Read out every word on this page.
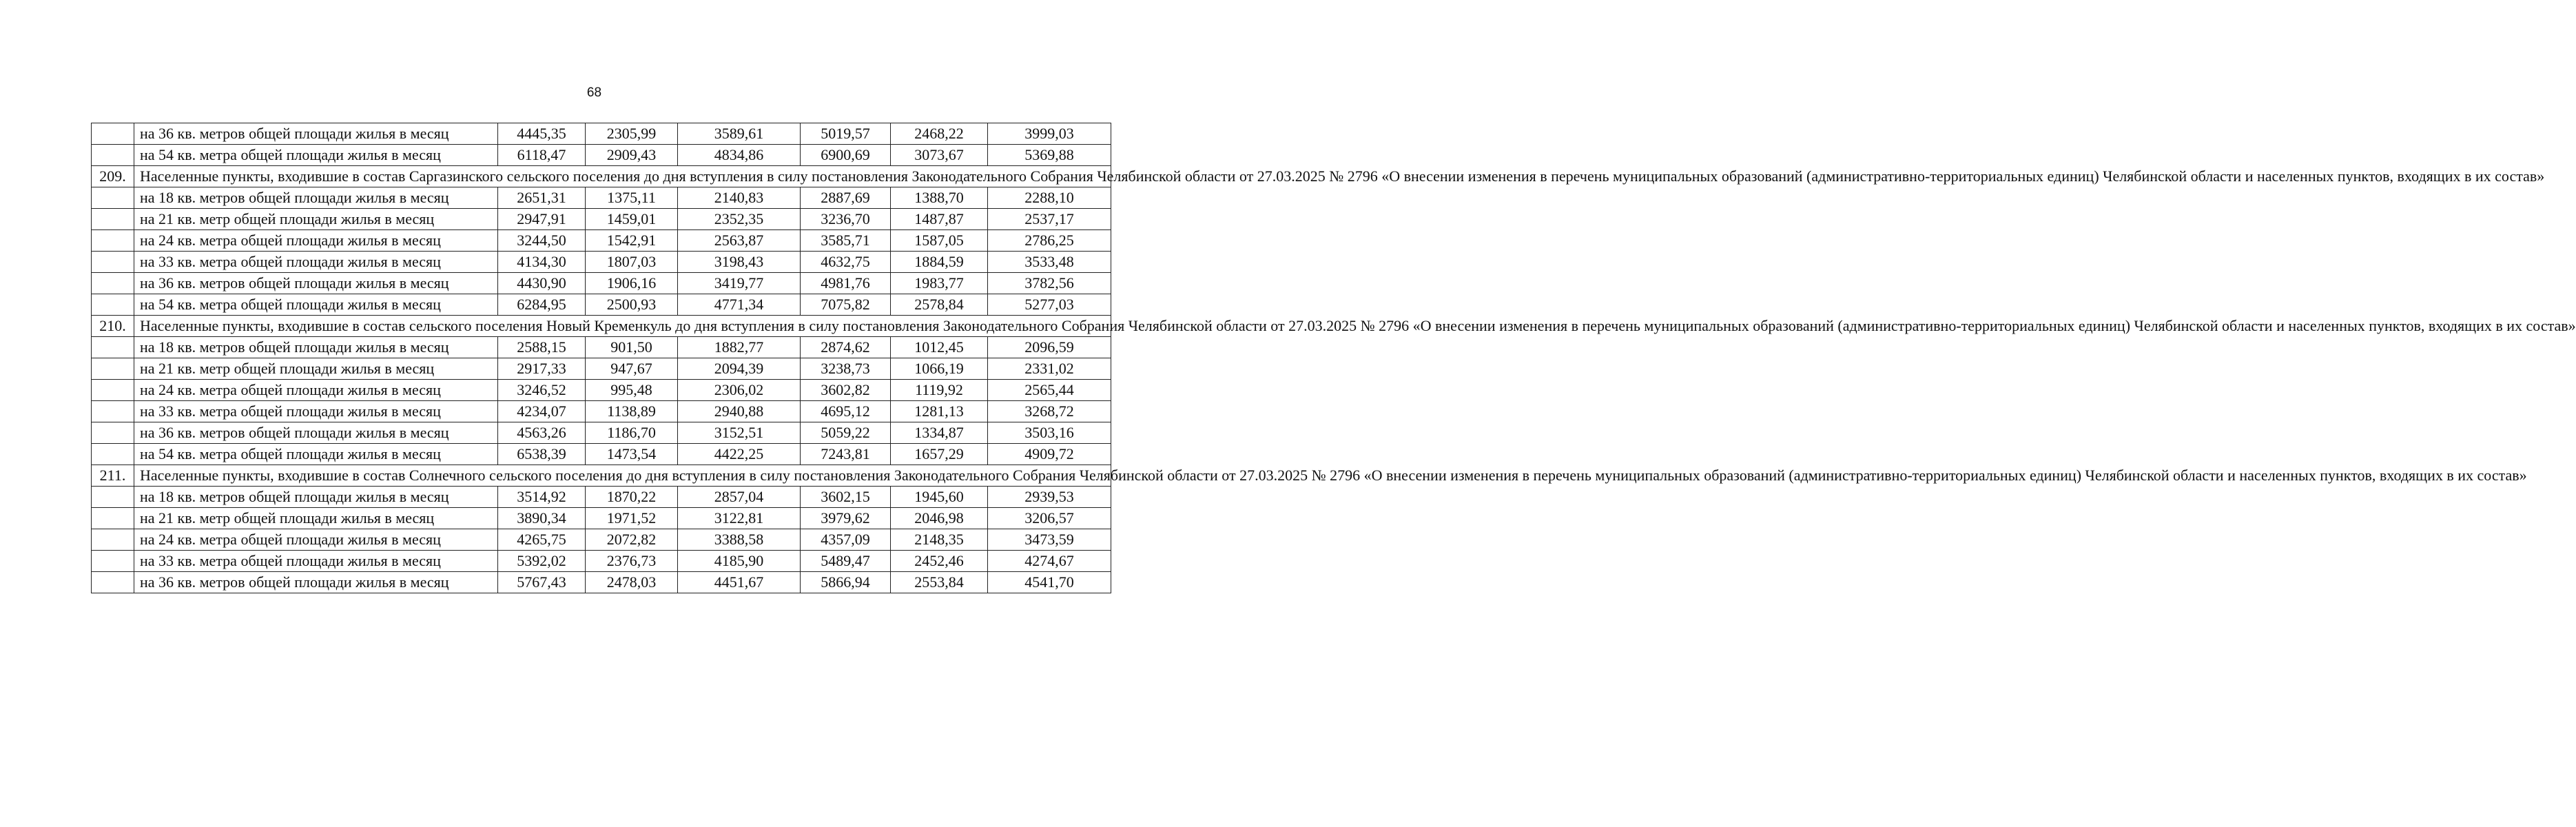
68
	на 36 кв. метров общей площади жилья в месяц	4445,35	2305,99	3589,61	5019,57	2468,22	3999,03
	на 54 кв. метра общей площади жилья в месяц	6118,47	2909,43	4834,86	6900,69	3073,67	5369,88
209.	Населенные пункты, входившие в состав Саргазинского сельского поселения до дня вступления в силу постановления Законодательного Собрания Челябинской области от 27.03.2025 № 2796 «О внесении изменения в перечень муниципальных образований (административно-территориальных единиц) Челябинской области и населенных пунктов, входящих в их состав»						
	на 18 кв. метров общей площади жилья в месяц	2651,31	1375,11	2140,83	2887,69	1388,70	2288,10
	на 21 кв. метр общей площади жилья в месяц	2947,91	1459,01	2352,35	3236,70	1487,87	2537,17
	на 24 кв. метра общей площади жилья в месяц	3244,50	1542,91	2563,87	3585,71	1587,05	2786,25
	на 33 кв. метра общей площади жилья в месяц	4134,30	1807,03	3198,43	4632,75	1884,59	3533,48
	на 36 кв. метров общей площади жилья в месяц	4430,90	1906,16	3419,77	4981,76	1983,77	3782,56
	на 54 кв. метра общей площади жилья в месяц	6284,95	2500,93	4771,34	7075,82	2578,84	5277,03
210.	Населенные пункты, входившие в состав сельского поселения Новый Кременкуль до дня вступления в силу постановления Законодательного Собрания Челябинской области от 27.03.2025 № 2796 «О внесении изменения в перечень муниципальных образований (административно-территориальных единиц) Челябинской области и населенных пунктов, входящих в их состав»						
	на 18 кв. метров общей площади жилья в месяц	2588,15	901,50	1882,77	2874,62	1012,45	2096,59
	на 21 кв. метр общей площади жилья в месяц	2917,33	947,67	2094,39	3238,73	1066,19	2331,02
	на 24 кв. метра общей площади жилья в месяц	3246,52	995,48	2306,02	3602,82	1119,92	2565,44
	на 33 кв. метра общей площади жилья в месяц	4234,07	1138,89	2940,88	4695,12	1281,13	3268,72
	на 36 кв. метров общей площади жилья в месяц	4563,26	1186,70	3152,51	5059,22	1334,87	3503,16
	на 54 кв. метра общей площади жилья в месяц	6538,39	1473,54	4422,25	7243,81	1657,29	4909,72
211.	Населенные пункты, входившие в состав Солнечного сельского поселения до дня вступления в силу постановления Законодательного Собрания Челябинской области от 27.03.2025 № 2796 «О внесении изменения в перечень муниципальных образований (административно-территориальных единиц) Челябинской области и населенных пунктов, входящих в их состав»						
	на 18 кв. метров общей площади жилья в месяц	3514,92	1870,22	2857,04	3602,15	1945,60	2939,53
	на 21 кв. метр общей площади жилья в месяц	3890,34	1971,52	3122,81	3979,62	2046,98	3206,57
	на 24 кв. метра общей площади жилья в месяц	4265,75	2072,82	3388,58	4357,09	2148,35	3473,59
	на 33 кв. метра общей площади жилья в месяц	5392,02	2376,73	4185,90	5489,47	2452,46	4274,67
	на 36 кв. метров общей площади жилья в месяц	5767,43	2478,03	4451,67	5866,94	2553,84	4541,70
